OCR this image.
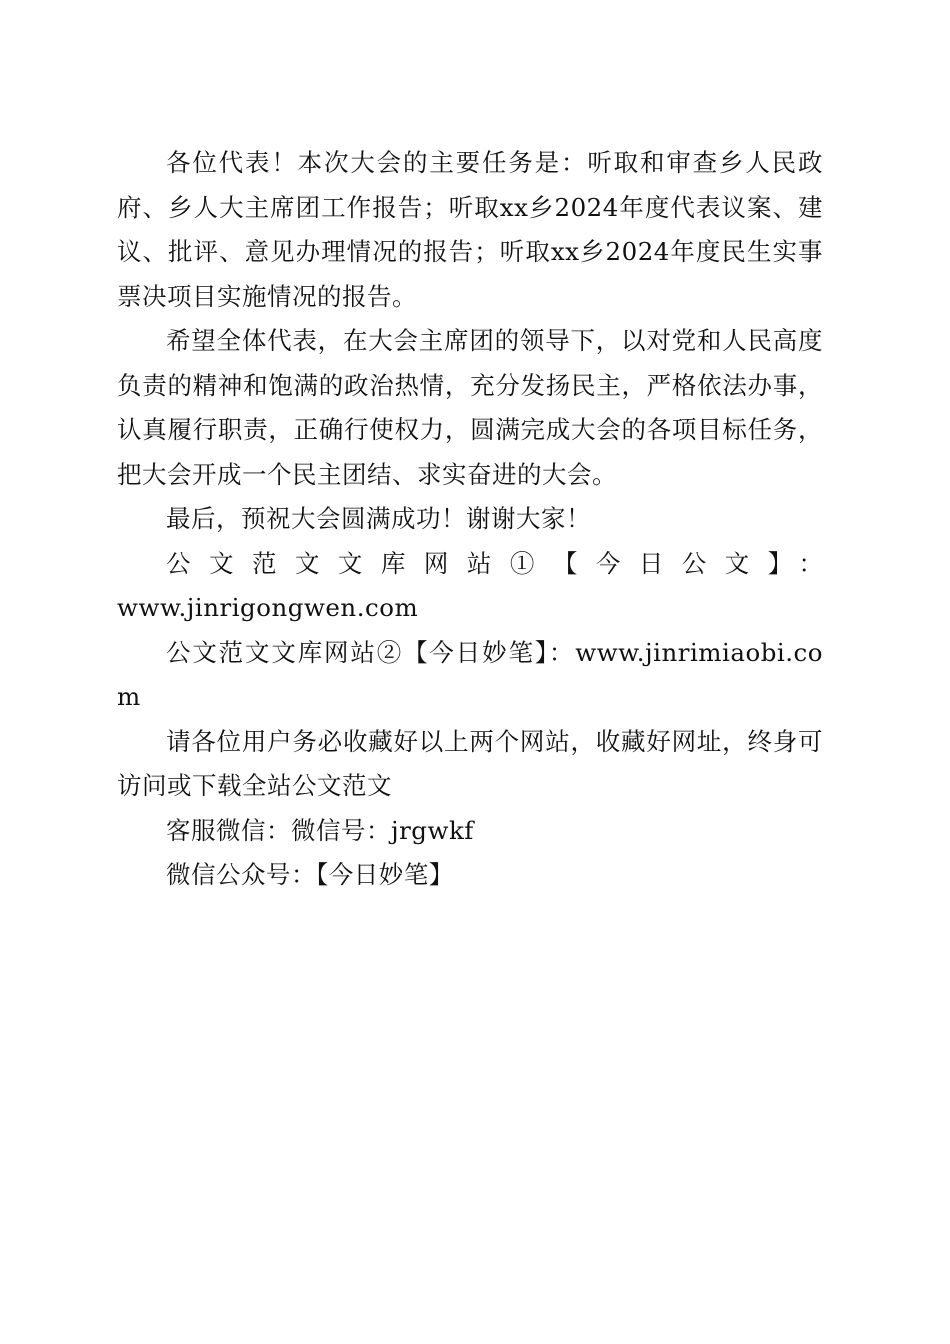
各位代表！本次大会的主要任务是：听取和审查乡人民政府、乡人大主席团工作报告；听取xx乡2024年度代表议案、建议、批评、意见办理情况的报告；听取xx乡2024年度民生实事票决项目实施情况的报告。

希望全体代表，在大会主席团的领导下，以对党和人民高度负责的精神和饱满的政治热情，充分发扬民主，严格依法办事，认真履行职责，正确行使权力，圆满完成大会的各项目标任务，把大会开成一个民主团结、求实奋进的大会。

最后，预祝大会圆满成功！谢谢大家！

公文范文文库网站①【今日公文】：

www.jinrigongwen.com

公文范文文库网站②【今日妙笔】：www.jinrimiaobi.com

请各位用户务必收藏好以上两个网站，收藏好网址，终身可访问或下载全站公文范文

客服微信：微信号：jrgwkf

微信公众号：【今日妙笔】
